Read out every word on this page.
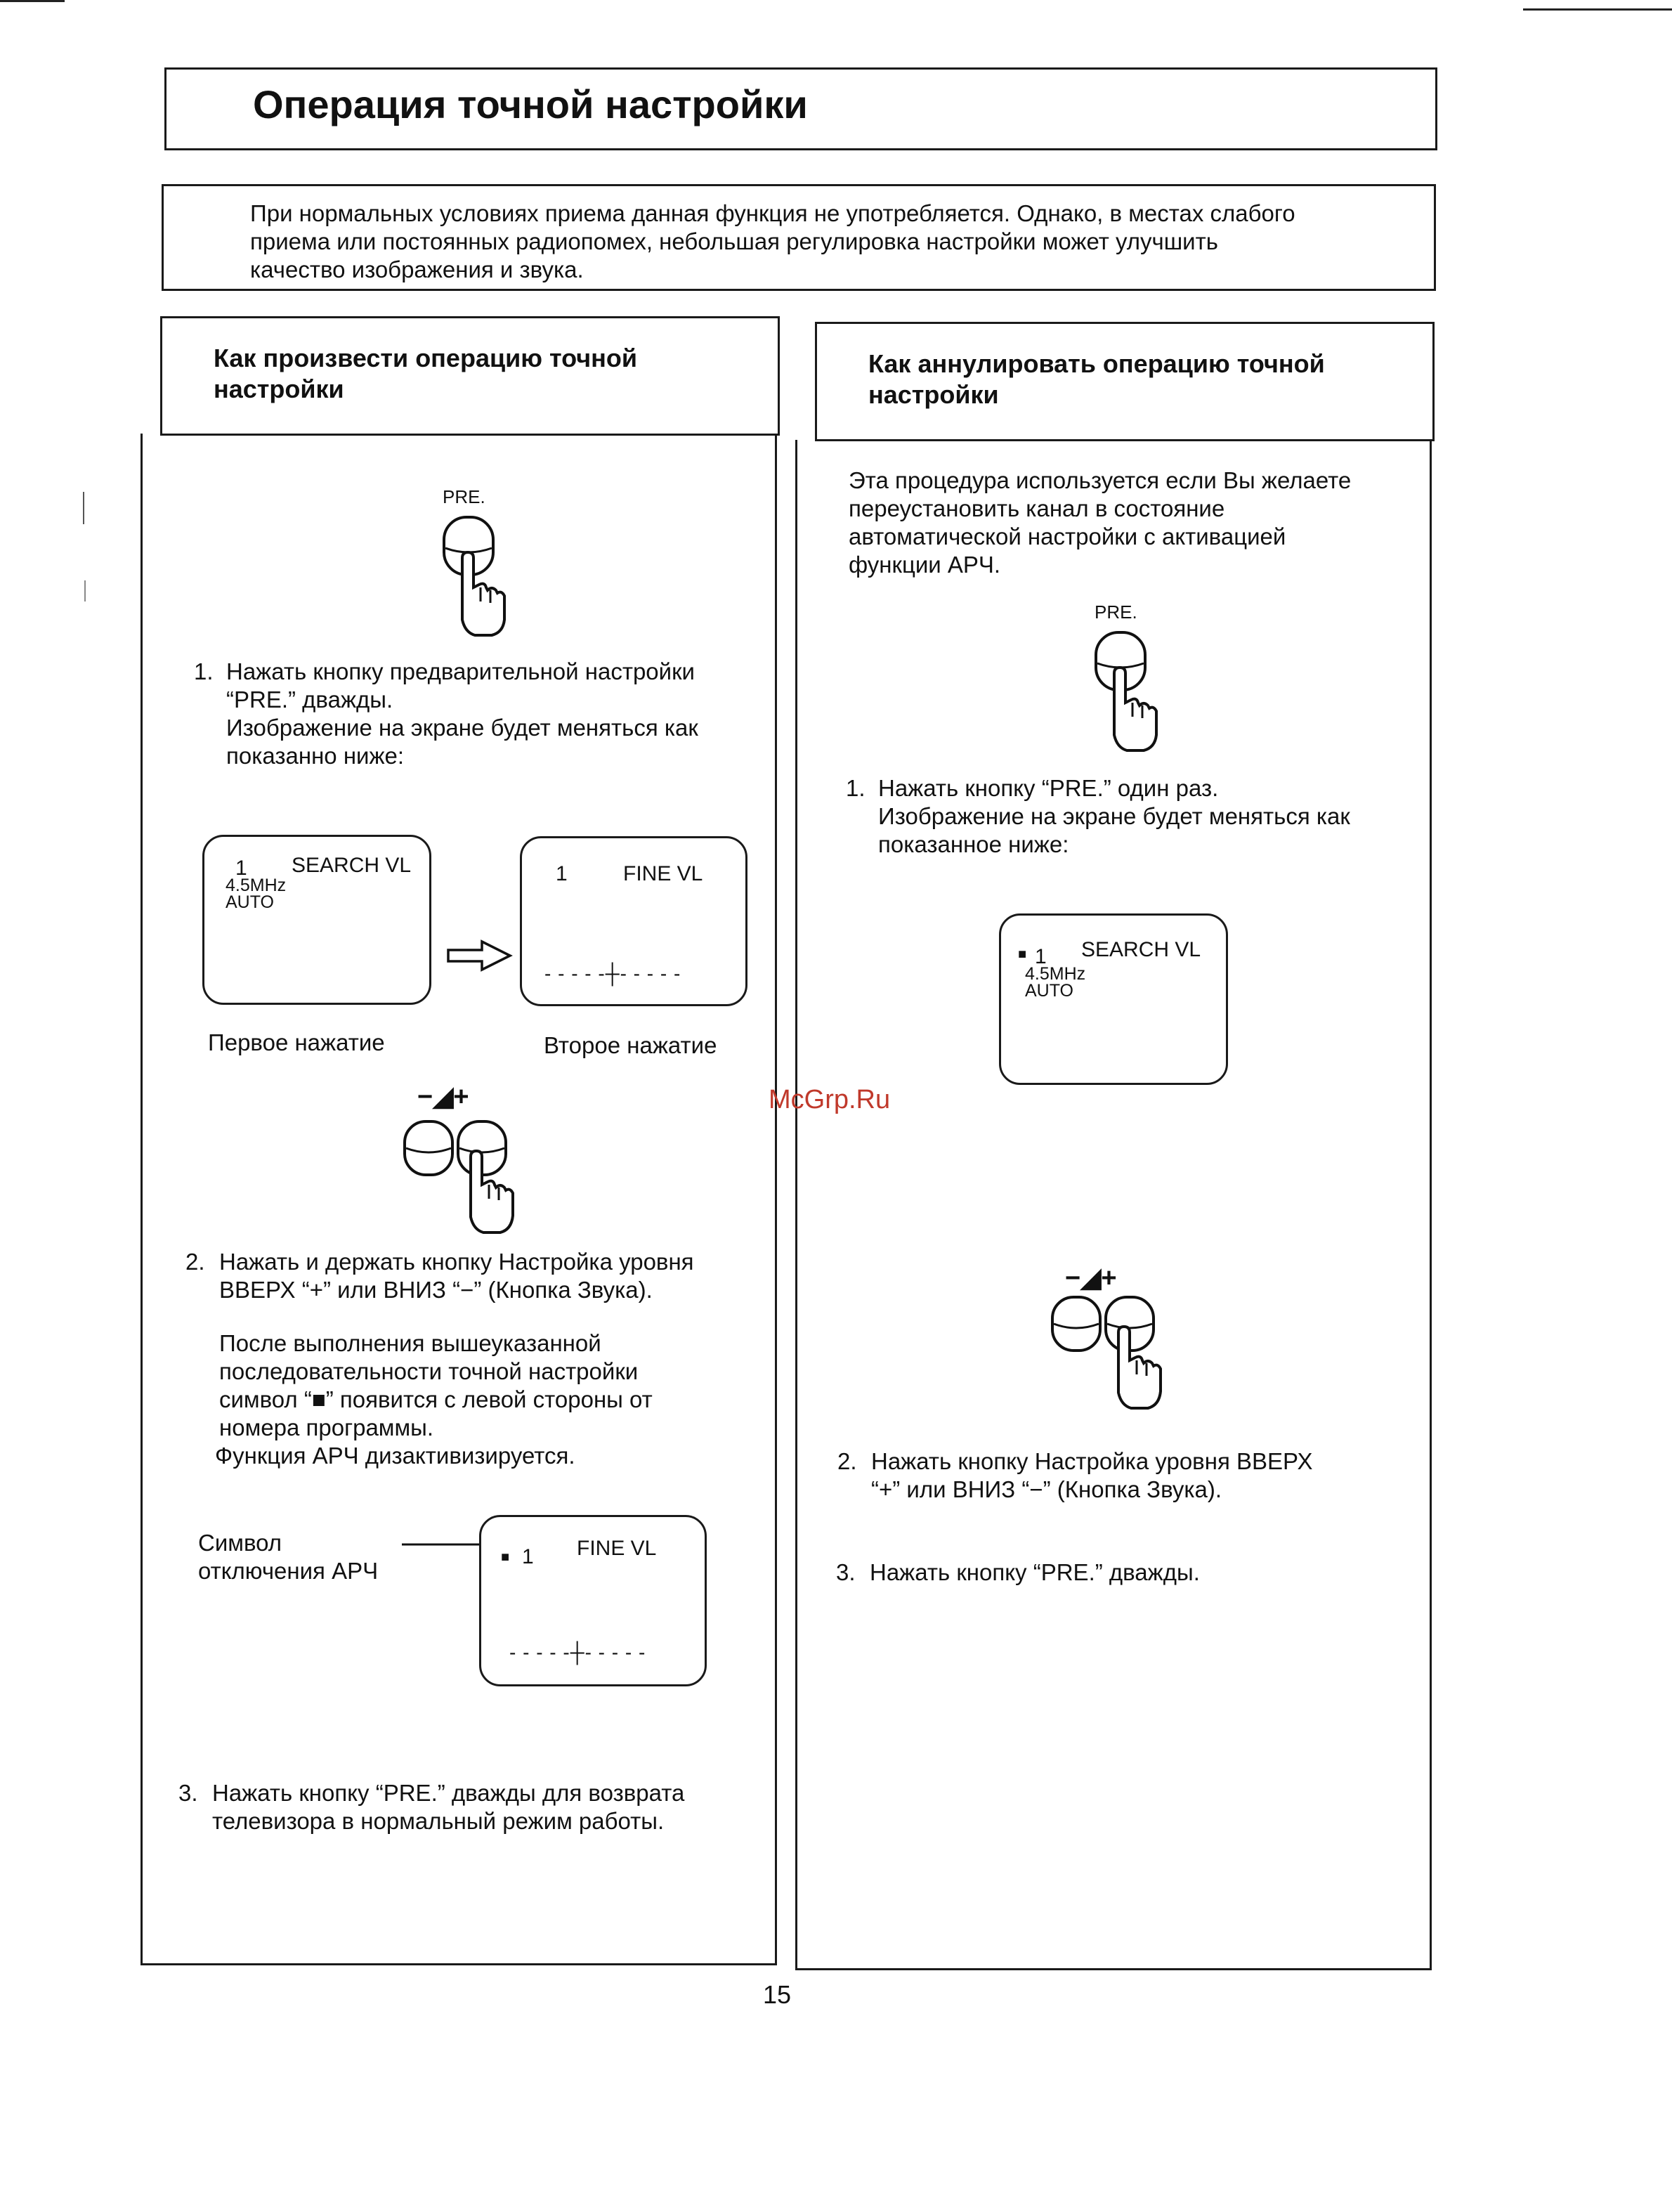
Операция точной настройки
При нормальных условиях приема данная функция не употребляется. Однако, в местах слабого
приема или постоянных радиопомех, небольшая регулировка настройки может улучшить
качество изображения и звука.
Как произвести операцию точной
настройки
PRE.
1. Нажать кнопку предварительной настройки
“PRE.” дважды.
Изображение на экране будет меняться как
показанно ниже:
1 SEARCH VL
4.5MHz
AUTO
1	FINE VL
- - - - -┼- - - - -
Первое нажатие	Второе нажатие
−◢+
2. Нажать и держать кнопку Настройка уровня
ВВЕРХ “+” или ВНИЗ “−” (Кнопка Звука).
После выполнения вышеуказанной
последовательности точной настройки
символ “■” появится с левой стороны от
номера программы.
Функция АРЧ дизактивизируется.
Символ
отключения АРЧ
■ 1 FINE VL
- - - - -┼- - - - -
3. Нажать кнопку “PRE.” дважды для возврата
телевизора в нормальный режим работы.
Как аннулировать операцию точной
настройки
Эта процедура используется если Вы желаете
переустановить канал в состояние
автоматической настройки с активацией
функции АРЧ.
PRE.
1. Нажать кнопку “PRE.” один раз.
Изображение на экране будет меняться как
показанное ниже:
■ 1 SEARCH VL
4.5MHz
AUTO
McGrp.Ru
−◢+
2. Нажать кнопку Настройка уровня ВВЕРХ
“+” или ВНИЗ “−” (Кнопка Звука).
3. Нажать кнопку “PRE.” дважды.
15
